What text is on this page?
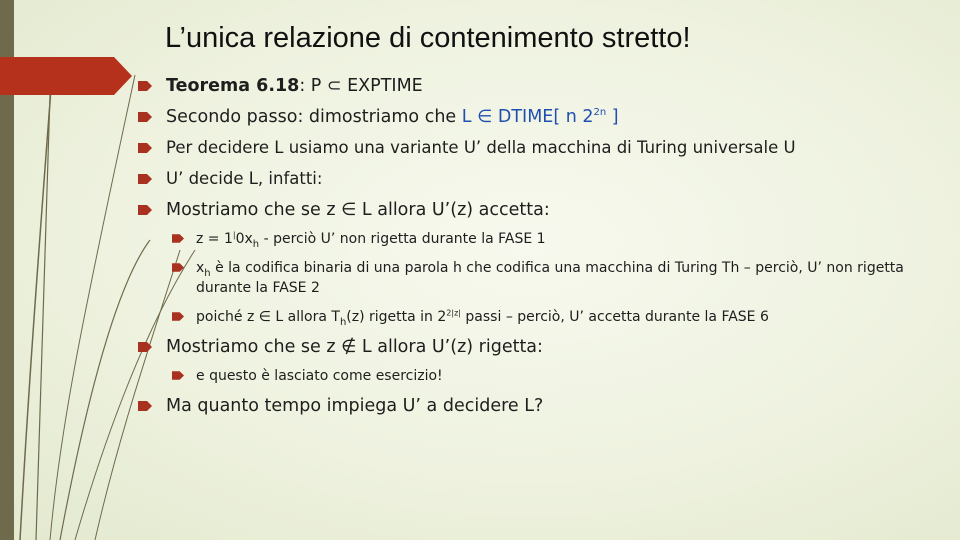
L’unica relazione di contenimento stretto!
Teorema 6.18: P ⊂ EXPTIME
Secondo passo: dimostriamo che L ∈ DTIME[ n $2^{2n}$ ]
Per decidere L usiamo una variante U’ della macchina di Turing universale U
U’ decide L, infatti:
Mostriamo che se z ∈ L allora U’(z) accetta:
$z = 1^|0x_h$ - perciò U’ non rigetta durante la FASE 1
$x_h$ è la codifica binaria di una parola h che codifica una macchina di Turing Th – perciò, U’ non rigetta durante la FASE 2
poiché z ∈ L allora $T_h(z)$ rigetta in $2^{2|z|}$ passi – perciò, U’ accetta durante la FASE 6
Mostriamo che se z ∉ L allora U’(z) rigetta:
e questo è lasciato come esercizio!
Ma quanto tempo impiega U’ a decidere L?
